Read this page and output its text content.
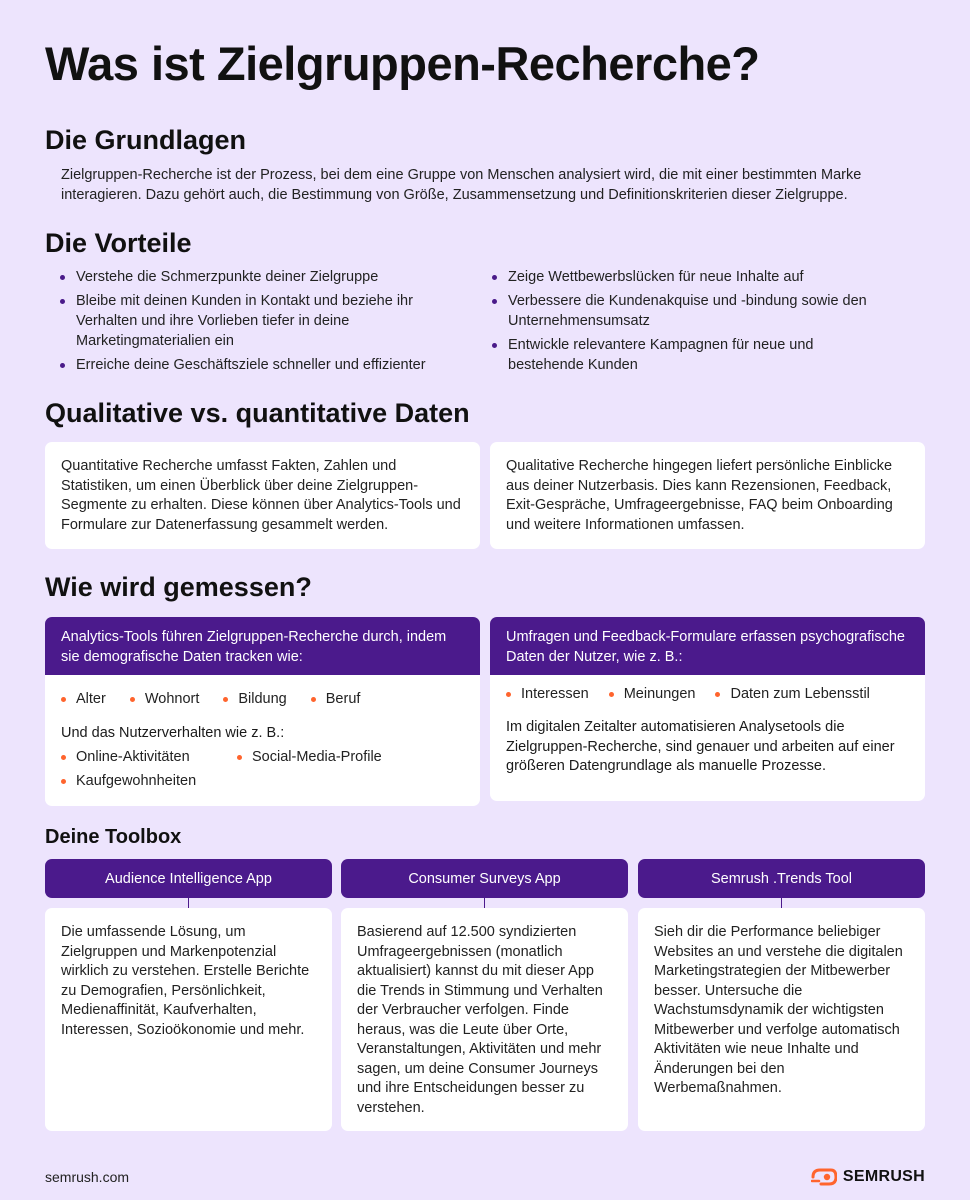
Was ist Zielgruppen-Recherche?
Die Grundlagen
Zielgruppen-Recherche ist der Prozess, bei dem eine Gruppe von Menschen analysiert wird, die mit einer bestimmten Marke interagieren. Dazu gehört auch, die Bestimmung von Größe, Zusammensetzung und Definitionskriterien dieser Zielgruppe.
Die Vorteile
Verstehe die Schmerzpunkte deiner Zielgruppe
Bleibe mit deinen Kunden in Kontakt und beziehe ihr Verhalten und ihre Vorlieben tiefer in deine Marketingmaterialien ein
Erreiche deine Geschäftsziele schneller und effizienter
Zeige Wettbewerbslücken für neue Inhalte auf
Verbessere die Kundenakquise und -bindung sowie den Unternehmensumsatz
Entwickle relevantere Kampagnen für neue und bestehende Kunden
Qualitative vs. quantitative Daten
Quantitative Recherche umfasst Fakten, Zahlen und Statistiken, um einen Überblick über deine Zielgruppen-Segmente zu erhalten. Diese können über Analytics-Tools und Formulare zur Datenerfassung gesammelt werden.
Qualitative Recherche hingegen liefert persönliche Einblicke aus deiner Nutzerbasis. Dies kann Rezensionen, Feedback, Exit-Gespräche, Umfrageergebnisse, FAQ beim Onboarding und weitere Informationen umfassen.
Wie wird gemessen?
Analytics-Tools führen Zielgruppen-Recherche durch, indem sie demografische Daten tracken wie:
Alter	Wohnort	Bildung	Beruf
Und das Nutzerverhalten wie z. B.:
Online-Aktivitäten	Social-Media-Profile
Kaufgewohnheiten
Umfragen und Feedback-Formulare erfassen psychografische Daten der Nutzer, wie z. B.:
Interessen	Meinungen	Daten zum Lebensstil
Im digitalen Zeitalter automatisieren Analysetools die Zielgruppen-Recherche, sind genauer und arbeiten auf einer größeren Datengrundlage als manuelle Prozesse.
Deine Toolbox
Audience Intelligence App
Die umfassende Lösung, um Zielgruppen und Markenpotenzial wirklich zu verstehen. Erstelle Berichte zu Demografien, Persönlichkeit, Medienaffinität, Kaufverhalten, Interessen, Sozioökonomie und mehr.
Consumer Surveys App
Basierend auf 12.500 syndizierten Umfrageergebnissen (monatlich aktualisiert) kannst du mit dieser App die Trends in Stimmung und Verhalten der Verbraucher verfolgen. Finde heraus, was die Leute über Orte, Veranstaltungen, Aktivitäten und mehr sagen, um deine Consumer Journeys und ihre Entscheidungen besser zu verstehen.
Semrush .Trends Tool
Sieh dir die Performance beliebiger Websites an und verstehe die digitalen Marketingstrategien der Mitbewerber besser. Untersuche die Wachstumsdynamik der wichtigsten Mitbewerber und verfolge automatisch Aktivitäten wie neue Inhalte und Änderungen bei den Werbemaßnahmen.
semrush.com	SEMRUSH
